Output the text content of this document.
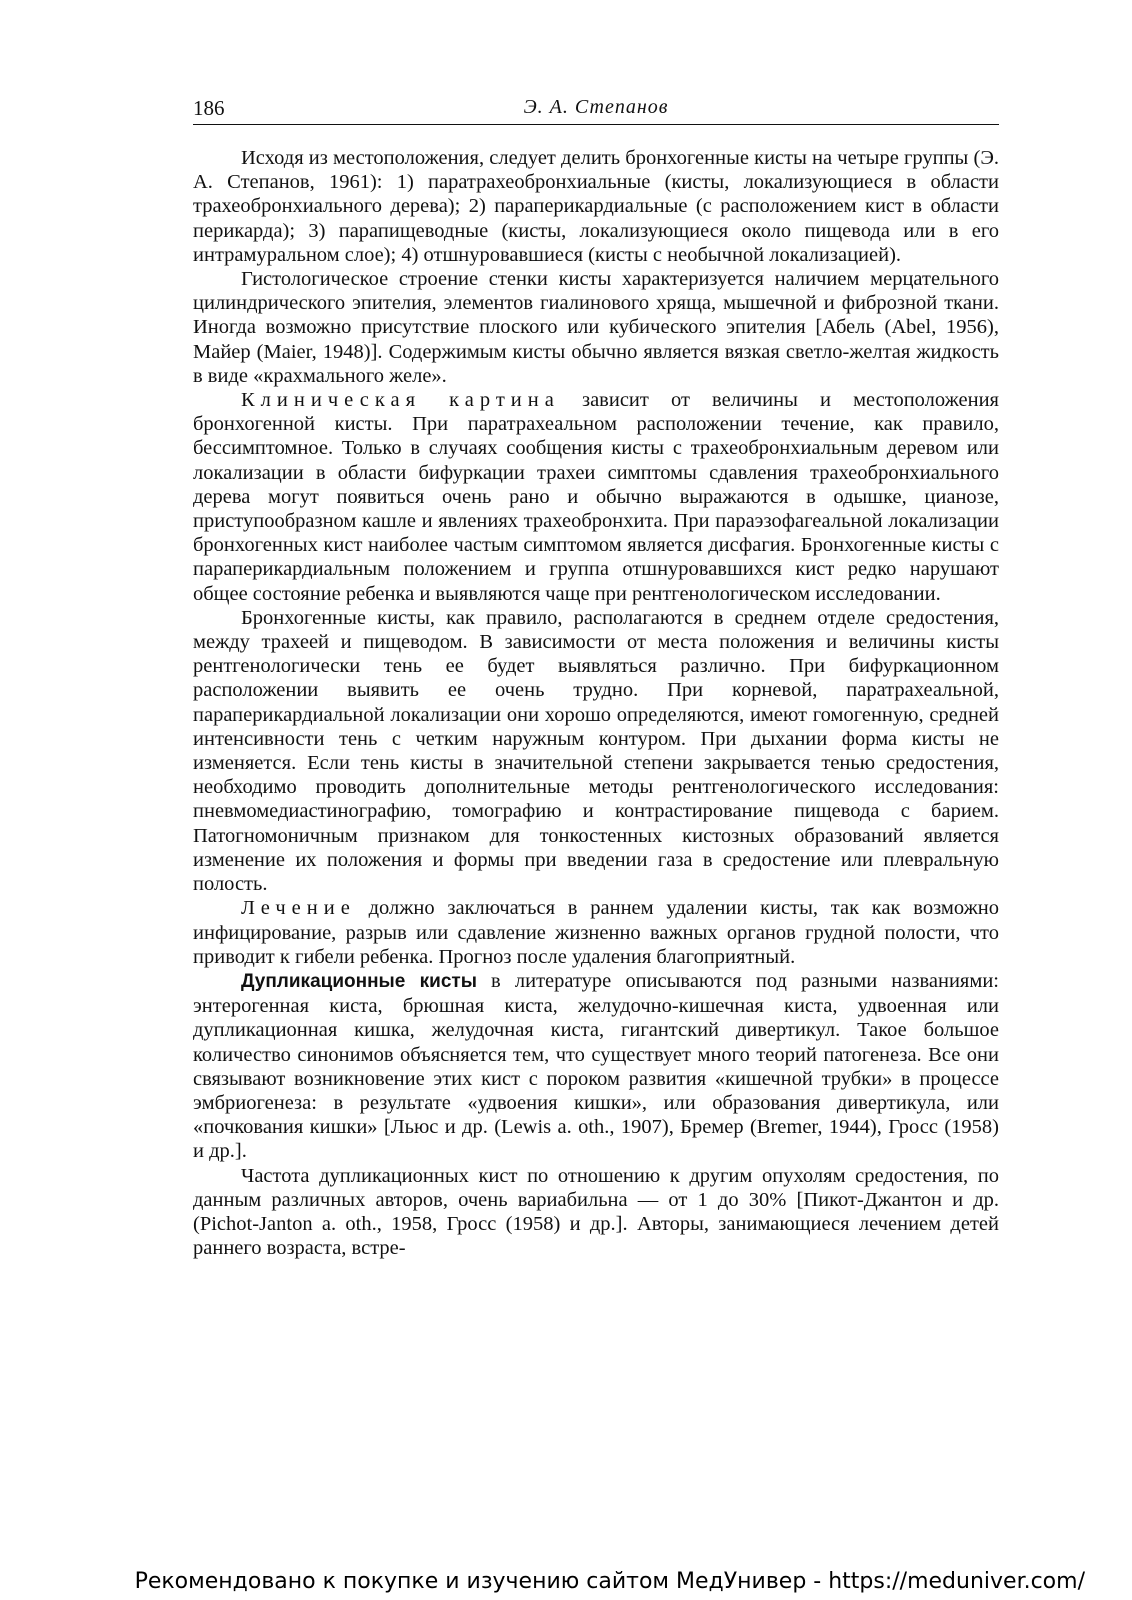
186	Э. А. Степанов

Исходя из местоположения, следует делить бронхогенные кисты на четыре группы (Э. А. Степанов, 1961): 1) паратрахеобронхиальные (кисты, локализующиеся в области трахеобронхиального дерева); 2) параперикардиальные (с расположением кист в области перикарда); 3) парапищеводные (кисты, локализующиеся около пищевода или в его интрамуральном слое); 4) отшнуровавшиеся (кисты с необычной локализацией).

Гистологическое строение стенки кисты характеризуется наличием мерцательного цилиндрического эпителия, элементов гиалинового хряща, мышечной и фиброзной ткани. Иногда возможно присутствие плоского или кубического эпителия [Абель (Abel, 1956), Майер (Maier, 1948)]. Содержимым кисты обычно является вязкая светло-желтая жидкость в виде «крахмального желе».

Клиническая картина зависит от величины и местоположения бронхогенной кисты. При паратрахеальном расположении течение, как правило, бессимптомное. Только в случаях сообщения кисты с трахеобронхиальным деревом или локализации в области бифуркации трахеи симптомы сдавления трахеобронхиального дерева могут появиться очень рано и обычно выражаются в одышке, цианозе, приступообразном кашле и явлениях трахеобронхита. При параэзофагеальной локализации бронхогенных кист наиболее частым симптомом является дисфагия. Бронхогенные кисты с параперикардиальным положением и группа отшнуровавшихся кист редко нарушают общее состояние ребенка и выявляются чаще при рентгенологическом исследовании.

Бронхогенные кисты, как правило, располагаются в среднем отделе средостения, между трахеей и пищеводом. В зависимости от места положения и величины кисты рентгенологически тень ее будет выявляться различно. При бифуркационном расположении выявить ее очень трудно. При корневой, паратрахеальной, параперикардиальной локализации они хорошо определяются, имеют гомогенную, средней интенсивности тень с четким наружным контуром. При дыхании форма кисты не изменяется. Если тень кисты в значительной степени закрывается тенью средостения, необходимо проводить дополнительные методы рентгенологического исследования: пневмомедиастинографию, томографию и контрастирование пищевода с барием. Патогномоничным признаком для тонкостенных кистозных образований является изменение их положения и формы при введении газа в средостение или плевральную полость.

Лечение должно заключаться в раннем удалении кисты, так как возможно инфицирование, разрыв или сдавление жизненно важных органов грудной полости, что приводит к гибели ребенка. Прогноз после удаления благоприятный.

Дупликационные кисты в литературе описываются под разными названиями: энтерогенная киста, брюшная киста, желудочно-кишечная киста, удвоенная или дупликационная кишка, желудочная киста, гигантский дивертикул. Такое большое количество синонимов объясняется тем, что существует много теорий патогенеза. Все они связывают возникновение этих кист с пороком развития «кишечной трубки» в процессе эмбриогенеза: в результате «удвоения кишки», или образования дивертикула, или «почкования кишки» [Льюс и др. (Lewis a. oth., 1907), Бремер (Bremer, 1944), Гросс (1958) и др.].

Частота дупликационных кист по отношению к другим опухолям средостения, по данным различных авторов, очень вариабильна — от 1 до 30% [Пикот-Джантон и др. (Pichot-Janton a. oth., 1958, Гросс (1958) и др.]. Авторы, занимающиеся лечением детей раннего возраста, встре-

Рекомендовано к покупке и изучению сайтом МедУнивер - https://meduniver.com/
